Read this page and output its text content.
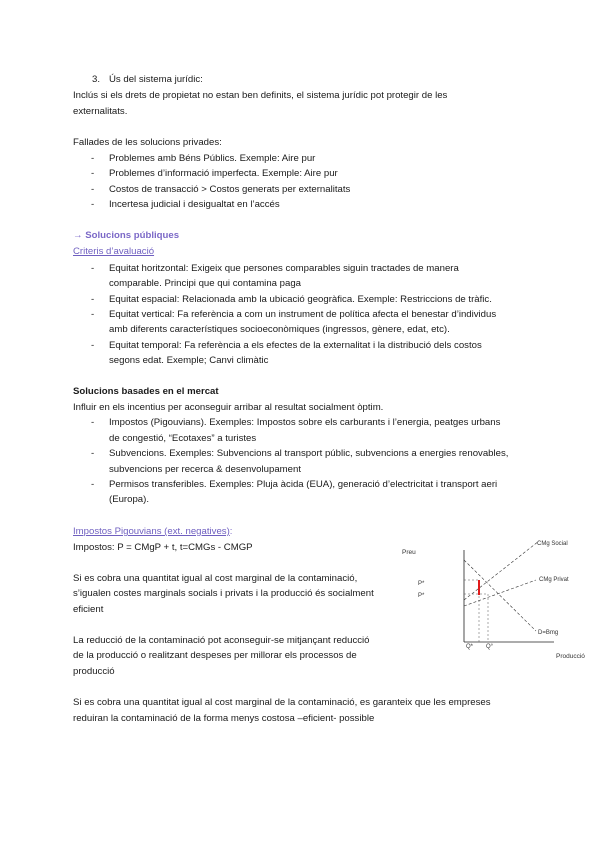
3. Ús del sistema jurídic:
Inclús si els drets de propietat no estan ben definits, el sistema jurídic pot protegir de les
externalitats.
Fallades de les solucions privades:
- Problemes amb Béns Públics. Exemple: Aire pur
- Problemes d’informació imperfecta. Exemple: Aire pur
- Costos de transacció > Costos generats per externalitats
- Incertesa judicial i desigualtat en l’accés
→ Solucions públiques
Criteris d’avaluació
- Equitat horitzontal: Exigeix que persones comparables siguin tractades de manera
comparable. Principi que qui contamina paga
- Equitat espacial: Relacionada amb la ubicació geogràfica. Exemple: Restriccions de tràfic.
- Equitat vertical: Fa referència a com un instrument de política afecta el benestar d’individus
amb diferents característiques socioeconòmiques (ingressos, gènere, edat, etc).
- Equitat temporal: Fa referència a els efectes de la externalitat i la distribució dels costos
segons edat. Exemple; Canvi climàtic
Solucions basades en el mercat
Influir en els incentius per aconseguir arribar al resultat socialment òptim.
- Impostos (Pigouvians). Exemples: Impostos sobre els carburants i l’energia, peatges urbans
de congestió, “Ecotaxes” a turistes
- Subvencions. Exemples: Subvencions al transport públic, subvencions a energies renovables,
subvencions per recerca & desenvolupament
- Permisos transferibles. Exemples: Pluja àcida (EUA), generació d’electricitat i transport aeri
(Europa).
Impostos Pigouvians (ext. negatives):
Impostos: P = CMgP + t, t=CMGs - CMGP
Si es cobra una quantitat igual al cost marginal de la contaminació,
s’igualen costes marginals socials i privats i la producció és socialment
eficient
La reducció de la contaminació pot aconseguir-se mitjançant reducció
de la producció o realitzant despeses per millorar els processos de
producció
Si es cobra una quantitat igual al cost marginal de la contaminació, es garanteix que les empreses
reduiran la contaminació de la forma menys costosa –eficient- possible
Preu
Producció
CMg Social
CMg Privat
D=Bmg
P*
P*
Q* Q°
